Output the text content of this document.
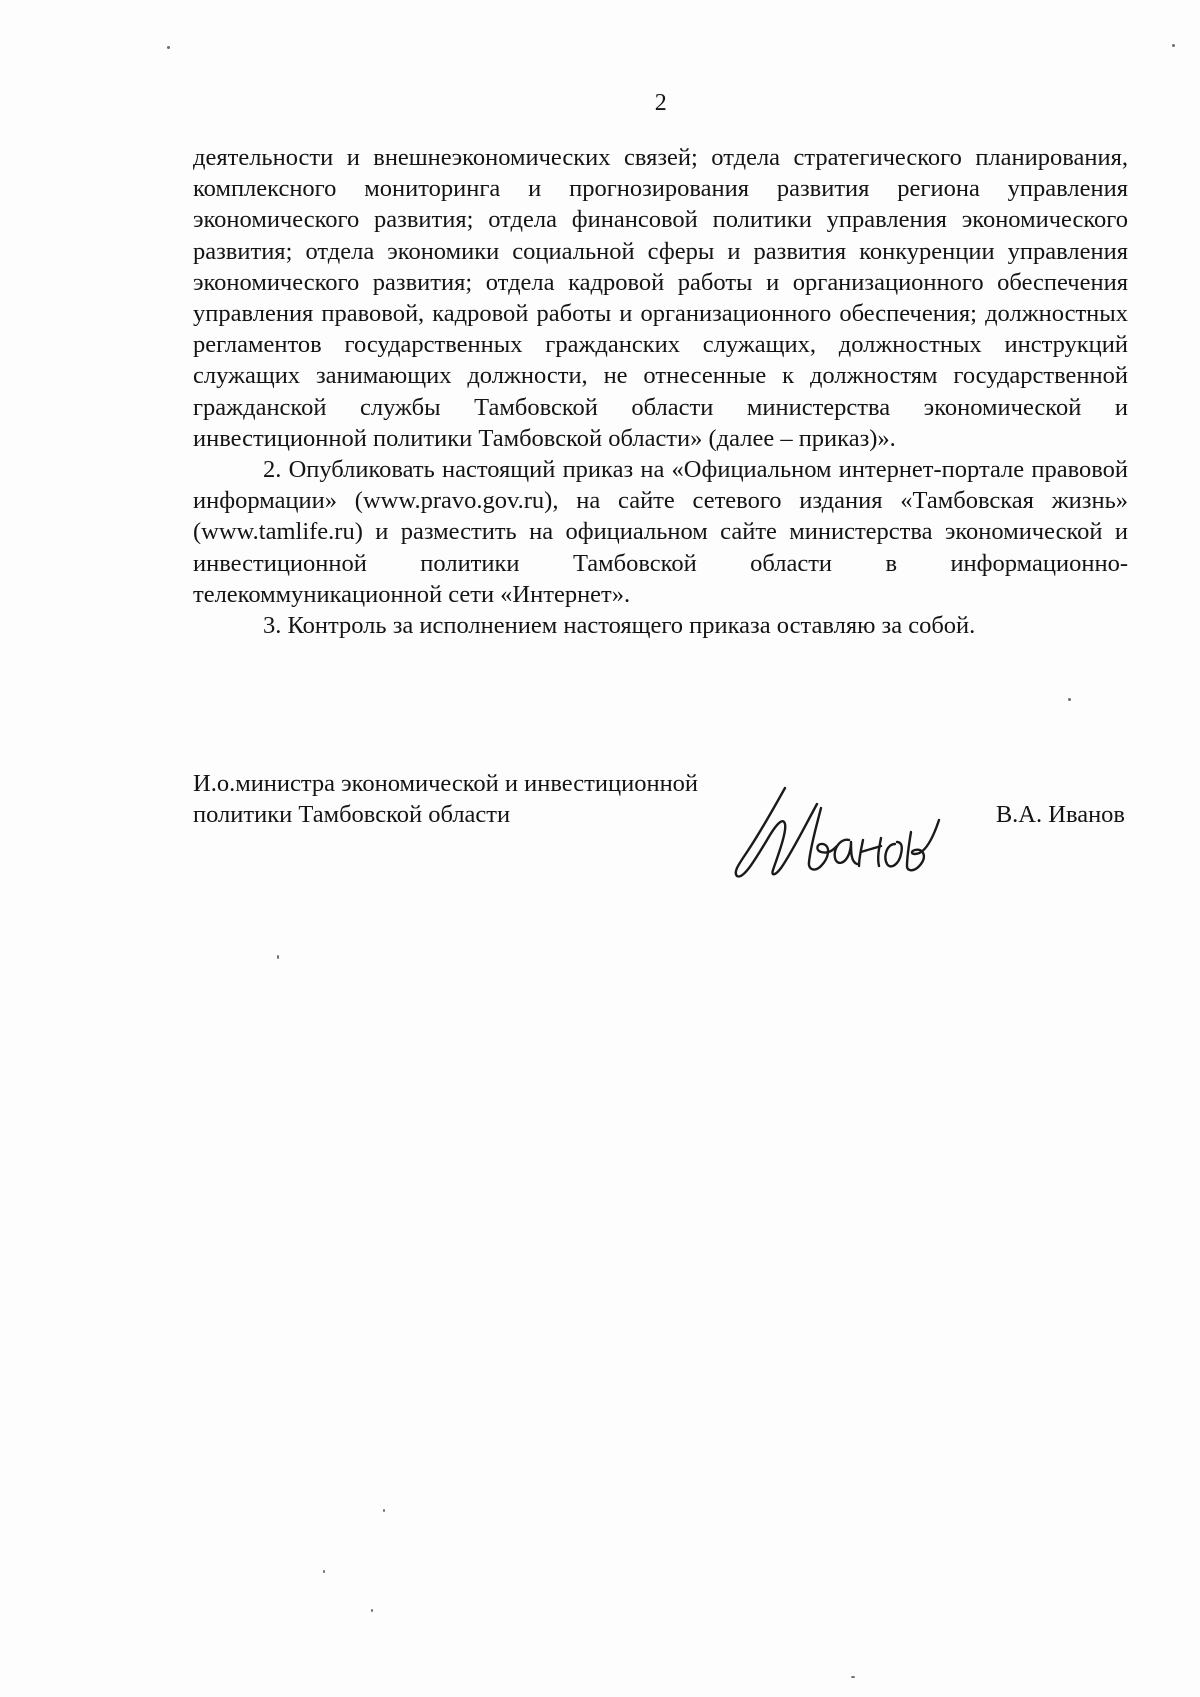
2

деятельности и внешнеэкономических связей; отдела стратегического планирования, комплексного мониторинга и прогнозирования развития региона управления экономического развития; отдела финансовой политики управления экономического развития; отдела экономики социальной сферы и развития конкуренции управления экономического развития; отдела кадровой работы и организационного обеспечения управления правовой, кадровой работы и организационного обеспечения; должностных регламентов государственных гражданских служащих, должностных инструкций служащих занимающих должности, не отнесенные к должностям государственной гражданской службы Тамбовской области министерства экономической и инвестиционной политики Тамбовской области» (далее – приказ)».

2. Опубликовать настоящий приказ на «Официальном интернет-портале правовой информации» (www.pravo.gov.ru), на сайте сетевого издания «Тамбовская жизнь» (www.tamlife.ru) и разместить на официальном сайте министерства экономической и инвестиционной политики Тамбовской области в информационно-телекоммуникационной сети «Интернет».

3. Контроль за исполнением настоящего приказа оставляю за собой.

И.о.министра экономической и инвестиционной
политики Тамбовской области	В.А. Иванов
